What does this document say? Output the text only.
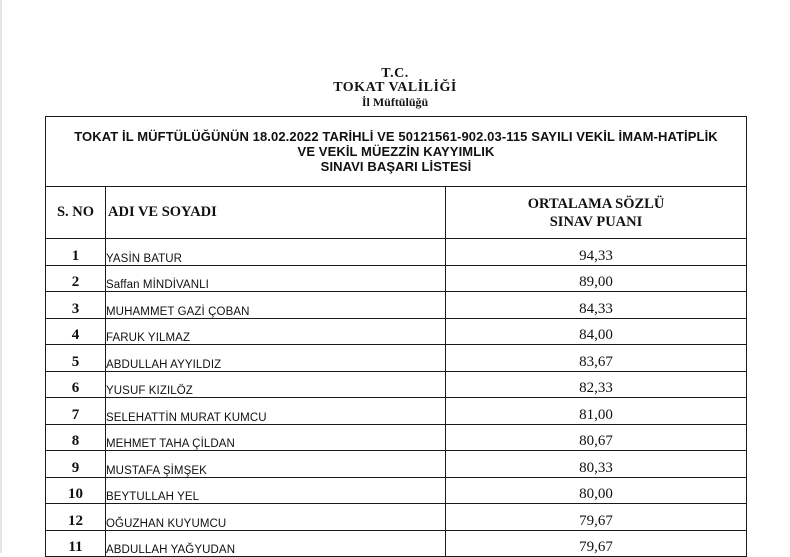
T.C.
TOKAT VALİLİĞİ
İl Müftülüğü
TOKAT İL MÜFTÜLÜĞÜNÜN 18.02.2022 TARİHLİ VE 50121561-902.03-115 SAYILI VEKİL İMAM-HATİPLİK
VE VEKİL MÜEZZİN KAYYIMLIK
SINAVI BAŞARI LİSTESİ		

S. NO	ADI VE SOYADI	ORTALAMA SÖZLÜ
SINAV PUANI

1	YASİN BATUR	94,33
2	Saffan MİNDİVANLI	89,00
3	MUHAMMET GAZİ ÇOBAN	84,33
4	FARUK YILMAZ	84,00
5	ABDULLAH AYYILDIZ	83,67
6	YUSUF KIZILÖZ	82,33
7	SELEHATTİN MURAT KUMCU	81,00
8	MEHMET TAHA ÇİLDAN	80,67
9	MUSTAFA ŞİMŞEK	80,33
10	BEYTULLAH YEL	80,00
12	OĞUZHAN KUYUMCU	79,67
11	ABDULLAH YAĞYUDAN	79,67
